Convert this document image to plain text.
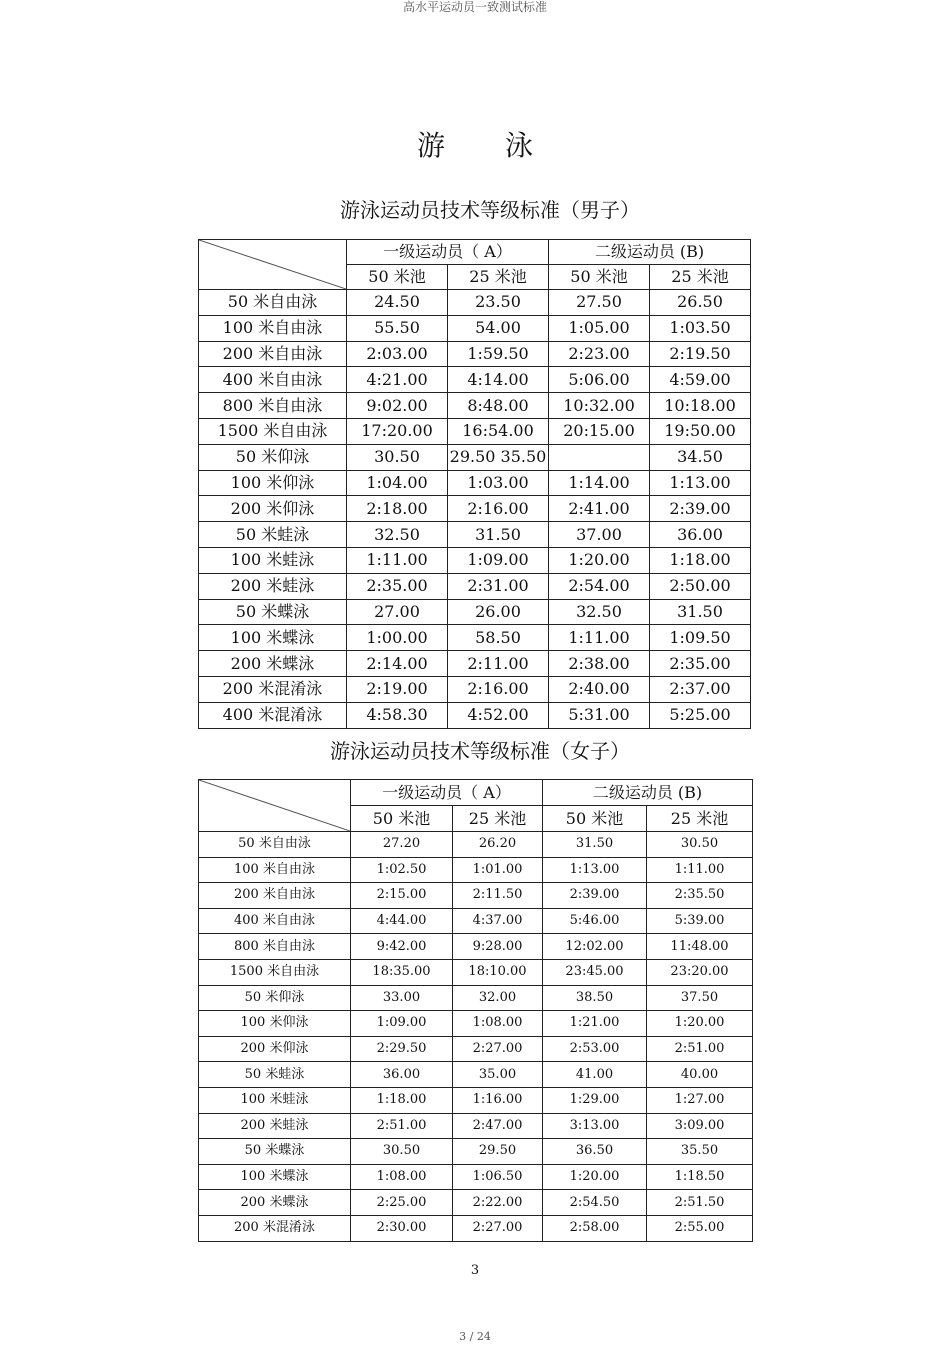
高水平运动员一致测试标准
游 泳
游泳运动员技术等级标准（男子）
	一级运动员（ A）		二级运动员 (B)	
	50 米池	25 米池	50 米池	25 米池
50 米自由泳	24.50	23.50	27.50	26.50
100 米自由泳	55.50	54.00	1:05.00	1:03.50
200 米自由泳	2:03.00	1:59.50	2:23.00	2:19.50
400 米自由泳	4:21.00	4:14.00	5:06.00	4:59.00
800 米自由泳	9:02.00	8:48.00	10:32.00	10:18.00
1500 米自由泳	17:20.00	16:54.00	20:15.00	19:50.00
50 米仰泳	30.50	29.50 35.50		34.50
100 米仰泳	1:04.00	1:03.00	1:14.00	1:13.00
200 米仰泳	2:18.00	2:16.00	2:41.00	2:39.00
50 米蛙泳	32.50	31.50	37.00	36.00
100 米蛙泳	1:11.00	1:09.00	1:20.00	1:18.00
200 米蛙泳	2:35.00	2:31.00	2:54.00	2:50.00
50 米蝶泳	27.00	26.00	32.50	31.50
100 米蝶泳	1:00.00	58.50	1:11.00	1:09.50
200 米蝶泳	2:14.00	2:11.00	2:38.00	2:35.00
200 米混淆泳	2:19.00	2:16.00	2:40.00	2:37.00
400 米混淆泳	4:58.30	4:52.00	5:31.00	5:25.00
游泳运动员技术等级标准（女子）
	一级运动员（ A）		二级运动员 (B)	
	50 米池	25 米池	50 米池	25 米池
50 米自由泳	27.20	26.20	31.50	30.50
100 米自由泳	1:02.50	1:01.00	1:13.00	1:11.00
200 米自由泳	2:15.00	2:11.50	2:39.00	2:35.50
400 米自由泳	4:44.00	4:37.00	5:46.00	5:39.00
800 米自由泳	9:42.00	9:28.00	12:02.00	11:48.00
1500 米自由泳	18:35.00	18:10.00	23:45.00	23:20.00
50 米仰泳	33.00	32.00	38.50	37.50
100 米仰泳	1:09.00	1:08.00	1:21.00	1:20.00
200 米仰泳	2:29.50	2:27.00	2:53.00	2:51.00
50 米蛙泳	36.00	35.00	41.00	40.00
100 米蛙泳	1:18.00	1:16.00	1:29.00	1:27.00
200 米蛙泳	2:51.00	2:47.00	3:13.00	3:09.00
50 米蝶泳	30.50	29.50	36.50	35.50
100 米蝶泳	1:08.00	1:06.50	1:20.00	1:18.50
200 米蝶泳	2:25.00	2:22.00	2:54.50	2:51.50
200 米混淆泳	2:30.00	2:27.00	2:58.00	2:55.00
3
3 / 24
